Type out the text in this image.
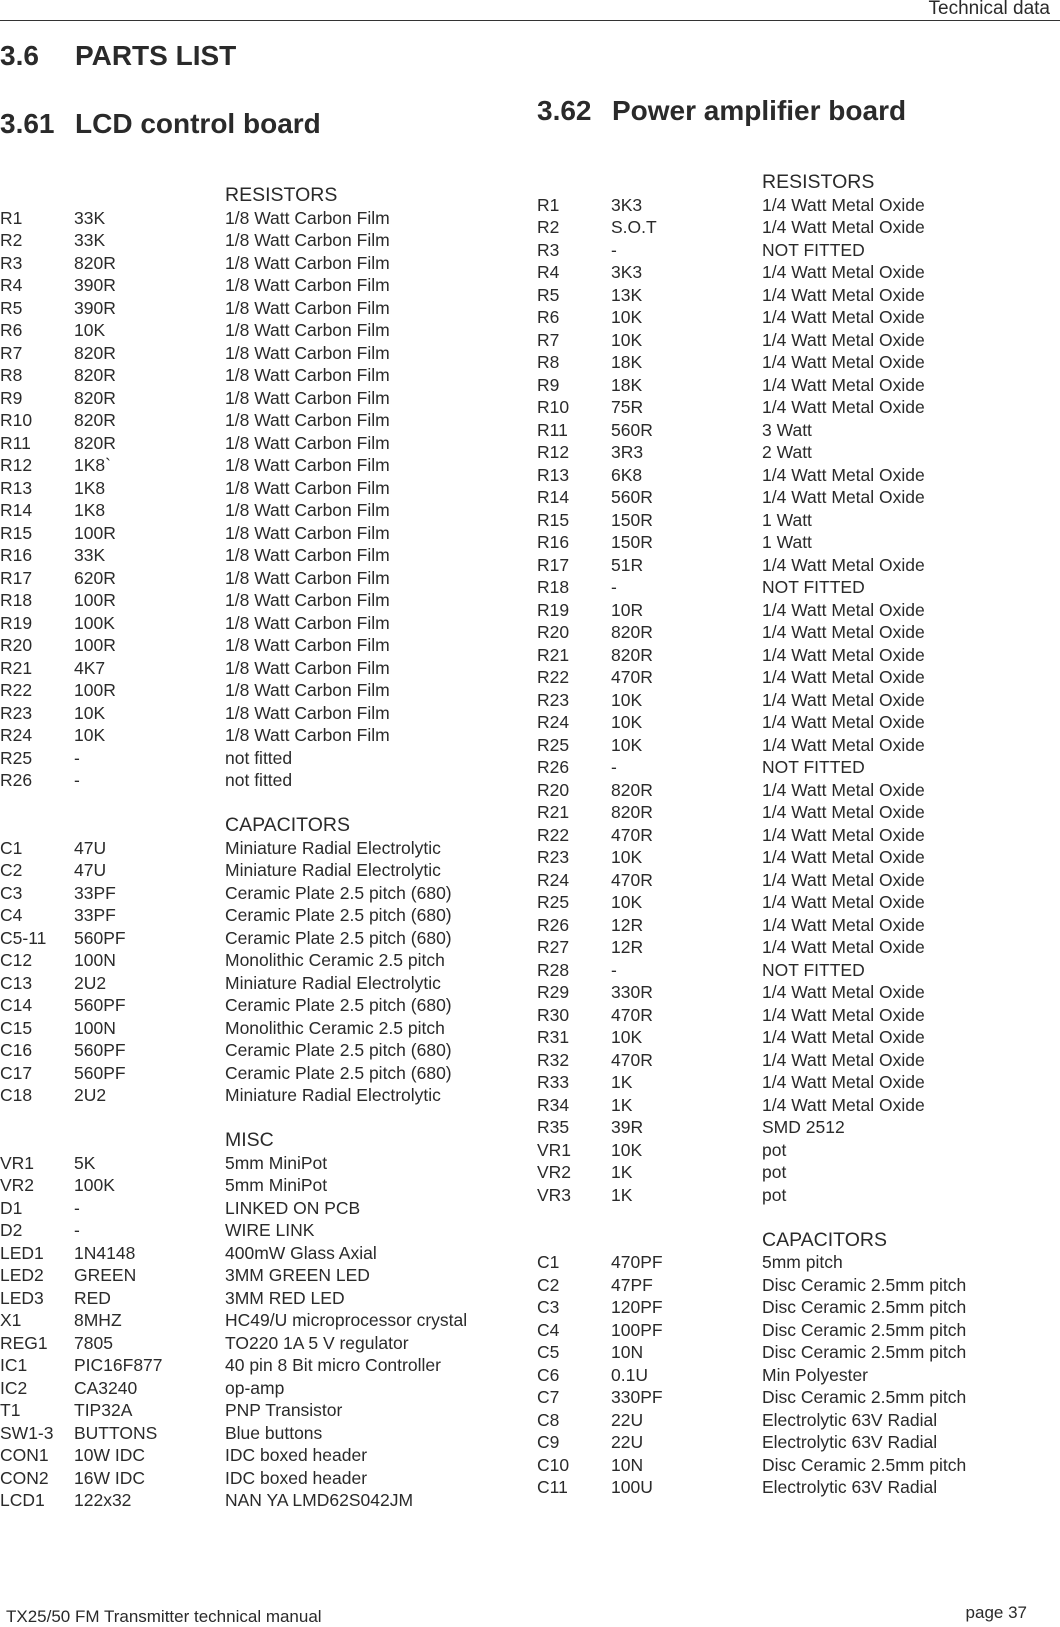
Technical data
3.6 PARTS LIST
3.61 LCD control board	3.62 Power amplifier board
RESISTORS
R1	33K	1/8 Watt Carbon Film
R2	33K	1/8 Watt Carbon Film
R3	820R	1/8 Watt Carbon Film
R4	390R	1/8 Watt Carbon Film
R5	390R	1/8 Watt Carbon Film
R6	10K	1/8 Watt Carbon Film
R7	820R	1/8 Watt Carbon Film
R8	820R	1/8 Watt Carbon Film
R9	820R	1/8 Watt Carbon Film
R10 820R	1/8 Watt Carbon Film
R11 820R	1/8 Watt Carbon Film
R12 1K8`	1/8 Watt Carbon Film
R13 1K8	1/8 Watt Carbon Film
R14 1K8	1/8 Watt Carbon Film
R15 100R	1/8 Watt Carbon Film
R16 33K	1/8 Watt Carbon Film
R17 620R	1/8 Watt Carbon Film
R18 100R	1/8 Watt Carbon Film
R19 100K	1/8 Watt Carbon Film
R20 100R	1/8 Watt Carbon Film
R21 4K7	1/8 Watt Carbon Film
R22 100R	1/8 Watt Carbon Film
R23 10K	1/8 Watt Carbon Film
R24 10K	1/8 Watt Carbon Film
R25 -	not fitted
R26 -	not fitted
CAPACITORS
C1	47U	Miniature Radial Electrolytic
C2	47U	Miniature Radial Electrolytic
C3	33PF	Ceramic Plate 2.5 pitch (680)
C4	33PF	Ceramic Plate 2.5 pitch (680)
C5-11 560PF	Ceramic Plate 2.5 pitch (680)
C12 100N	Monolithic Ceramic 2.5 pitch
C13 2U2	Miniature Radial Electrolytic
C14 560PF	Ceramic Plate 2.5 pitch (680)
C15 100N	Monolithic Ceramic 2.5 pitch
C16 560PF	Ceramic Plate 2.5 pitch (680)
C17 560PF	Ceramic Plate 2.5 pitch (680)
C18 2U2	Miniature Radial Electrolytic
MISC
VR1 5K	5mm MiniPot
VR2 100K	5mm MiniPot
D1	-	LINKED ON PCB
D2	-	WIRE LINK
LED1 1N4148	400mW Glass Axial
LED2 GREEN	3MM GREEN LED
LED3 RED	3MM RED LED
X1	8MHZ	HC49/U microprocessor crystal
REG1 7805	TO220 1A 5 V regulator
IC1	PIC16F877	40 pin 8 Bit micro Controller
IC2	CA3240	op-amp
T1	TIP32A	PNP Transistor
SW1-3 BUTTONS	Blue buttons
CON1 10W IDC	IDC boxed header
CON2 16W IDC	IDC boxed header
LCD1 122x32	NAN YA LMD62S042JM
RESISTORS
R1	3K3	1/4 Watt Metal Oxide
R2	S.O.T	1/4 Watt Metal Oxide
R3	-	NOT FITTED
R4	3K3	1/4 Watt Metal Oxide
R5	13K	1/4 Watt Metal Oxide
R6	10K	1/4 Watt Metal Oxide
R7	10K	1/4 Watt Metal Oxide
R8	18K	1/4 Watt Metal Oxide
R9	18K	1/4 Watt Metal Oxide
R10 75R	1/4 Watt Metal Oxide
R11 560R	3 Watt
R12 3R3	2 Watt
R13 6K8	1/4 Watt Metal Oxide
R14 560R	1/4 Watt Metal Oxide
R15 150R	1 Watt
R16 150R	1 Watt
R17 51R	1/4 Watt Metal Oxide
R18 -	NOT FITTED
R19 10R	1/4 Watt Metal Oxide
R20 820R	1/4 Watt Metal Oxide
R21 820R	1/4 Watt Metal Oxide
R22 470R	1/4 Watt Metal Oxide
R23 10K	1/4 Watt Metal Oxide
R24 10K	1/4 Watt Metal Oxide
R25 10K	1/4 Watt Metal Oxide
R26 -	NOT FITTED
R20 820R	1/4 Watt Metal Oxide
R21 820R	1/4 Watt Metal Oxide
R22 470R	1/4 Watt Metal Oxide
R23 10K	1/4 Watt Metal Oxide
R24 470R	1/4 Watt Metal Oxide
R25 10K	1/4 Watt Metal Oxide
R26 12R	1/4 Watt Metal Oxide
R27 12R	1/4 Watt Metal Oxide
R28 -	NOT FITTED
R29 330R	1/4 Watt Metal Oxide
R30 470R	1/4 Watt Metal Oxide
R31 10K	1/4 Watt Metal Oxide
R32 470R	1/4 Watt Metal Oxide
R33 1K	1/4 Watt Metal Oxide
R34 1K	1/4 Watt Metal Oxide
R35 39R	SMD 2512
VR1 10K	pot
VR2 1K	pot
VR3 1K	pot
CAPACITORS
C1	470PF	5mm pitch
C2	47PF	Disc Ceramic 2.5mm pitch
C3	120PF	Disc Ceramic 2.5mm pitch
C4	100PF	Disc Ceramic 2.5mm pitch
C5	10N	Disc Ceramic 2.5mm pitch
C6	0.1U	Min Polyester
C7	330PF	Disc Ceramic 2.5mm pitch
C8	22U	Electrolytic 63V Radial
C9	22U	Electrolytic 63V Radial
C10 10N	Disc Ceramic 2.5mm pitch
C11 100U	Electrolytic 63V Radial
TX25/50 FM Transmitter technical manual	page 37
